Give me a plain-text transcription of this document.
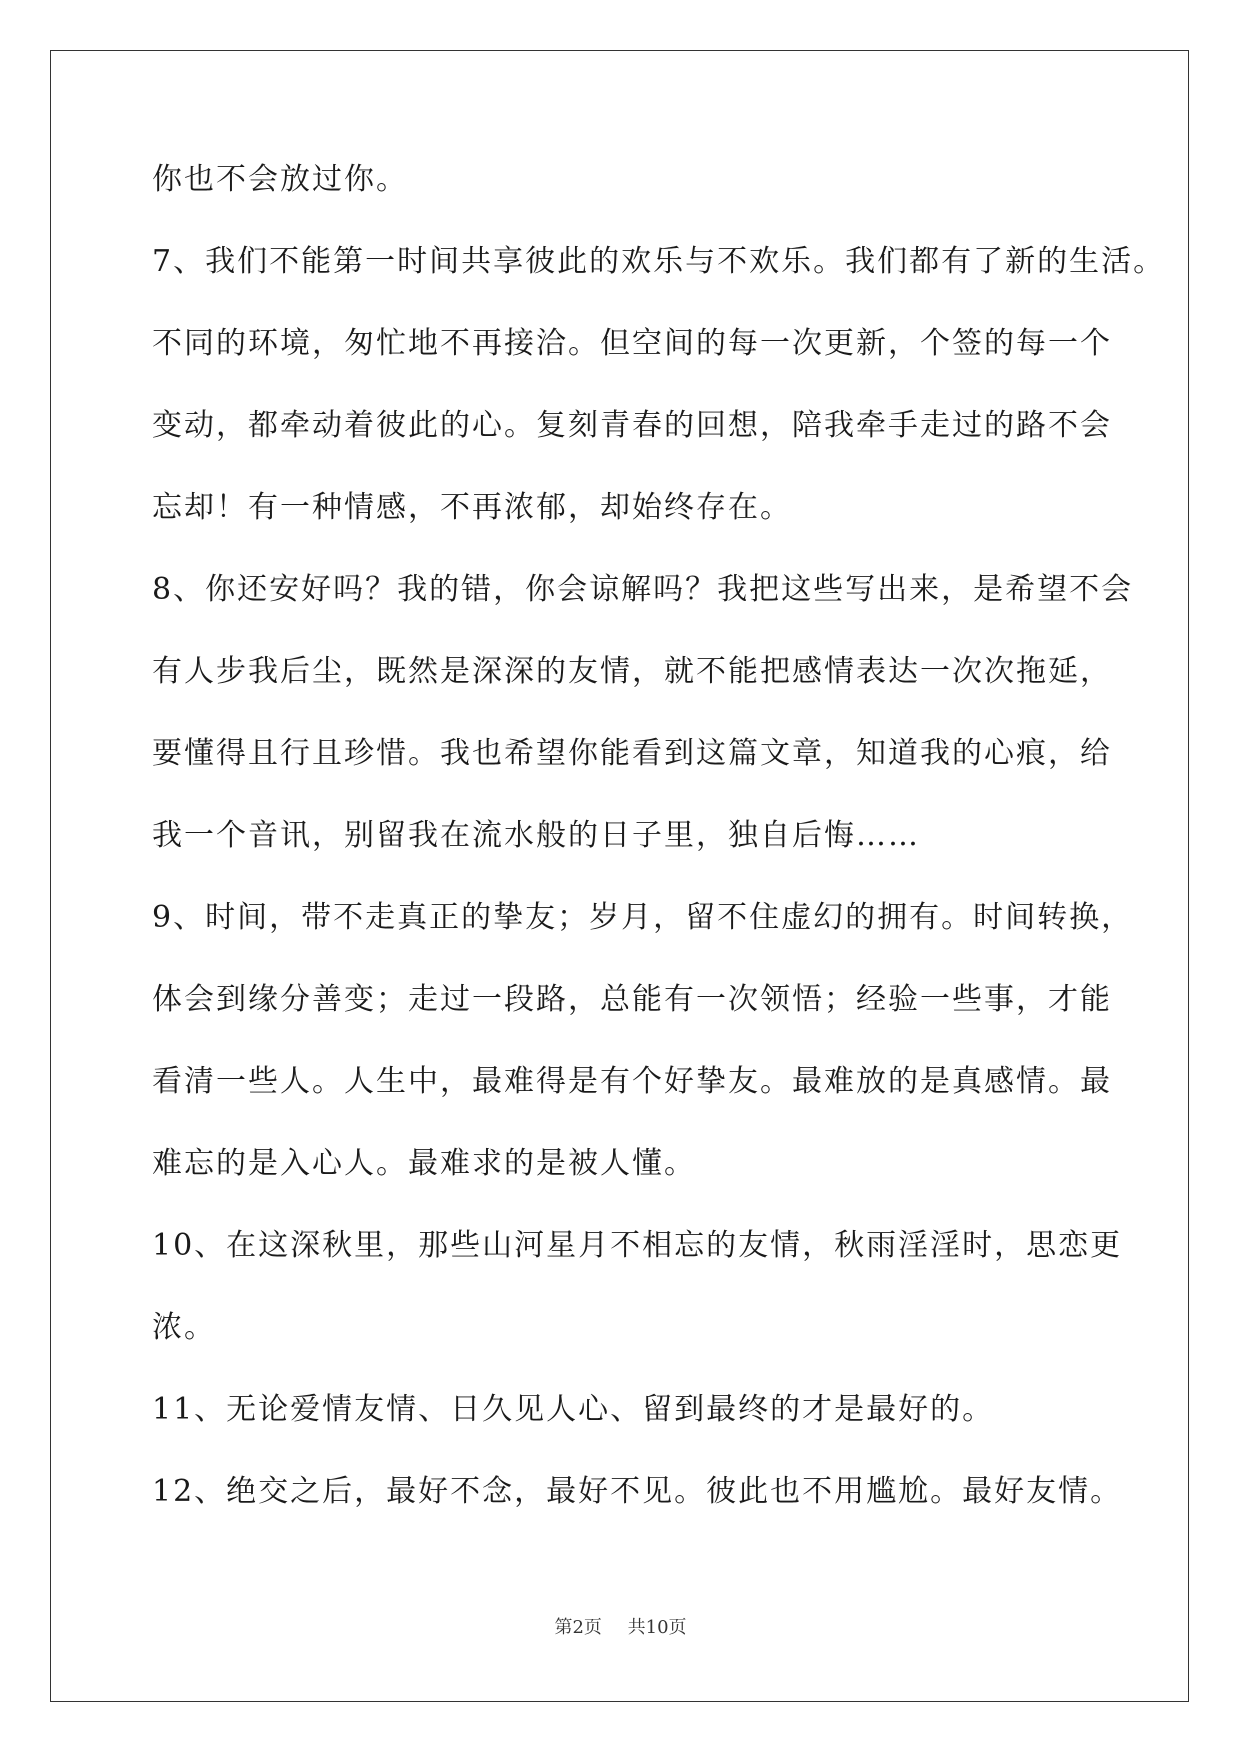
你也不会放过你。
7、我们不能第一时间共享彼此的欢乐与不欢乐。我们都有了新的生活。
不同的环境，匆忙地不再接洽。但空间的每一次更新，个签的每一个
变动，都牵动着彼此的心。复刻青春的回想，陪我牵手走过的路不会
忘却！有一种情感，不再浓郁，却始终存在。
8、你还安好吗？我的错，你会谅解吗？我把这些写出来，是希望不会
有人步我后尘，既然是深深的友情，就不能把感情表达一次次拖延，
要懂得且行且珍惜。我也希望你能看到这篇文章，知道我的心痕，给
我一个音讯，别留我在流水般的日子里，独自后悔……
9、时间，带不走真正的挚友；岁月，留不住虚幻的拥有。时间转换，
体会到缘分善变；走过一段路，总能有一次领悟；经验一些事，才能
看清一些人。人生中，最难得是有个好挚友。最难放的是真感情。最
难忘的是入心人。最难求的是被人懂。
10、在这深秋里，那些山河星月不相忘的友情，秋雨淫淫时，思恋更
浓。
11、无论爱情友情、日久见人心、留到最终的才是最好的。
12、绝交之后，最好不念，最好不见。彼此也不用尴尬。最好友情。
第2页 共10页
